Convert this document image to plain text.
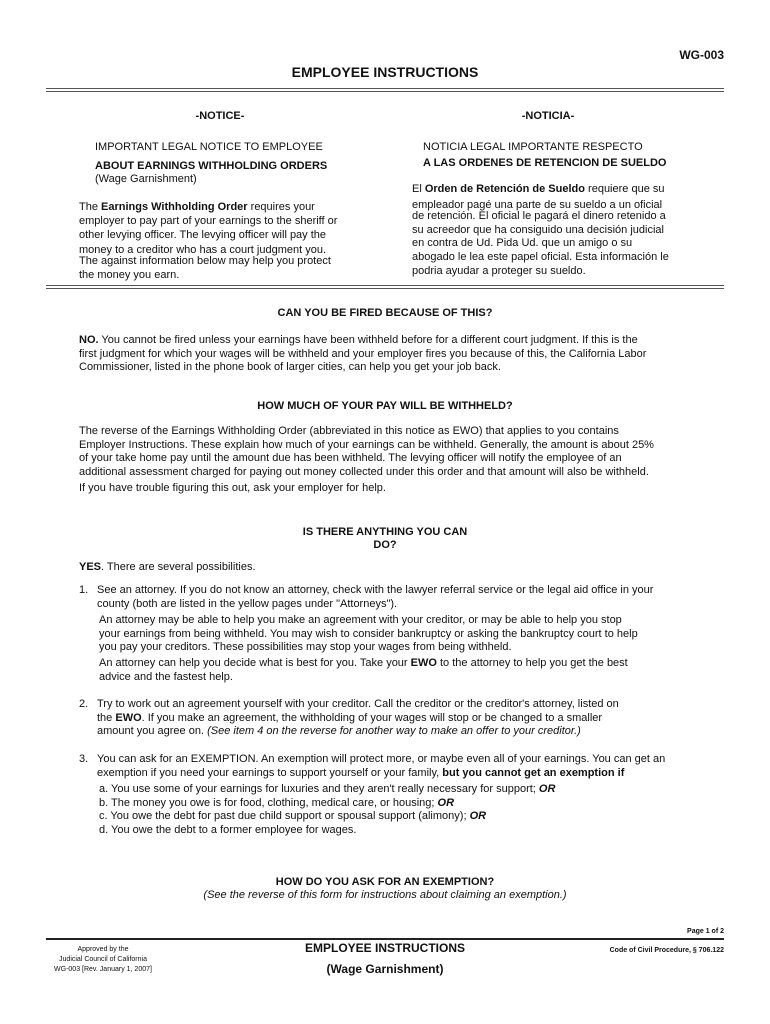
WG-003
EMPLOYEE INSTRUCTIONS
-NOTICE-
IMPORTANT LEGAL NOTICE TO EMPLOYEE
ABOUT EARNINGS WITHHOLDING ORDERS
(Wage Garnishment)
The Earnings Withholding Order requires your
employer to pay part of your earnings to the sheriff or
other levying officer. The levying officer will pay the
money to a creditor who has a court judgment you.
The against information below may help you protect
the money you earn.
-NOTICIA-
NOTICIA LEGAL IMPORTANTE RESPECTO
A LAS ORDENES DE RETENCION DE SUELDO
El Orden de Retención de Sueldo requiere que su
empleador pagé una parte de su sueldo a un oficial
de retención. El oficial le pagará el dinero retenido a
su acreedor que ha consiguido una decisión judicial
en contra de Ud. Pida Ud. que un amigo o su
abogado le lea este papel oficial. Esta información le
podria ayudar a proteger su sueldo.
CAN YOU BE FIRED BECAUSE OF THIS?
NO. You cannot be fired unless your earnings have been withheld before for a different court judgment. If this is the
first judgment for which your wages will be withheld and your employer fires you because of this, the California Labor
Commissioner, listed in the phone book of larger cities, can help you get your job back.
HOW MUCH OF YOUR PAY WILL BE WITHHELD?
The reverse of the Earnings Withholding Order (abbreviated in this notice as EWO) that applies to you contains
Employer Instructions. These explain how much of your earnings can be withheld. Generally, the amount is about 25%
of your take home pay until the amount due has been withheld. The levying officer will notify the employee of an
additional assessment charged for paying out money collected under this order and that amount will also be withheld.
If you have trouble figuring this out, ask your employer for help.
IS THERE ANYTHING YOU CAN
DO?
YES. There are several possibilities.
1. See an attorney. If you do not know an attorney, check with the lawyer referral service or the legal aid office in your
county (both are listed in the yellow pages under "Attorneys").
An attorney may be able to help you make an agreement with your creditor, or may be able to help you stop
your earnings from being withheld. You may wish to consider bankruptcy or asking the bankruptcy court to help
you pay your creditors. These possibilities may stop your wages from being withheld.
An attorney can help you decide what is best for you. Take your EWO to the attorney to help you get the best
advice and the fastest help.
2. Try to work out an agreement yourself with your creditor. Call the creditor or the creditor's attorney, listed on
the EWO. If you make an agreement, the withholding of your wages will stop or be changed to a smaller
amount you agree on. (See item 4 on the reverse for another way to make an offer to your creditor.)
3. You can ask for an EXEMPTION. An exemption will protect more, or maybe even all of your earnings. You can get an
exemption if you need your earnings to support yourself or your family, but you cannot get an exemption if
a. You use some of your earnings for luxuries and they aren't really necessary for support; OR
b. The money you owe is for food, clothing, medical care, or housing; OR
c. You owe the debt for past due child support or spousal support (alimony); OR
d. You owe the debt to a former employee for wages.
HOW DO YOU ASK FOR AN EXEMPTION?
(See the reverse of this form for instructions about claiming an exemption.)
Page 1 of 2
Approved by the
Judicial Council of California
WG-003 [Rev. January 1, 2007]
EMPLOYEE INSTRUCTIONS
(Wage Garnishment)
Code of Civil Procedure, § 706.122
